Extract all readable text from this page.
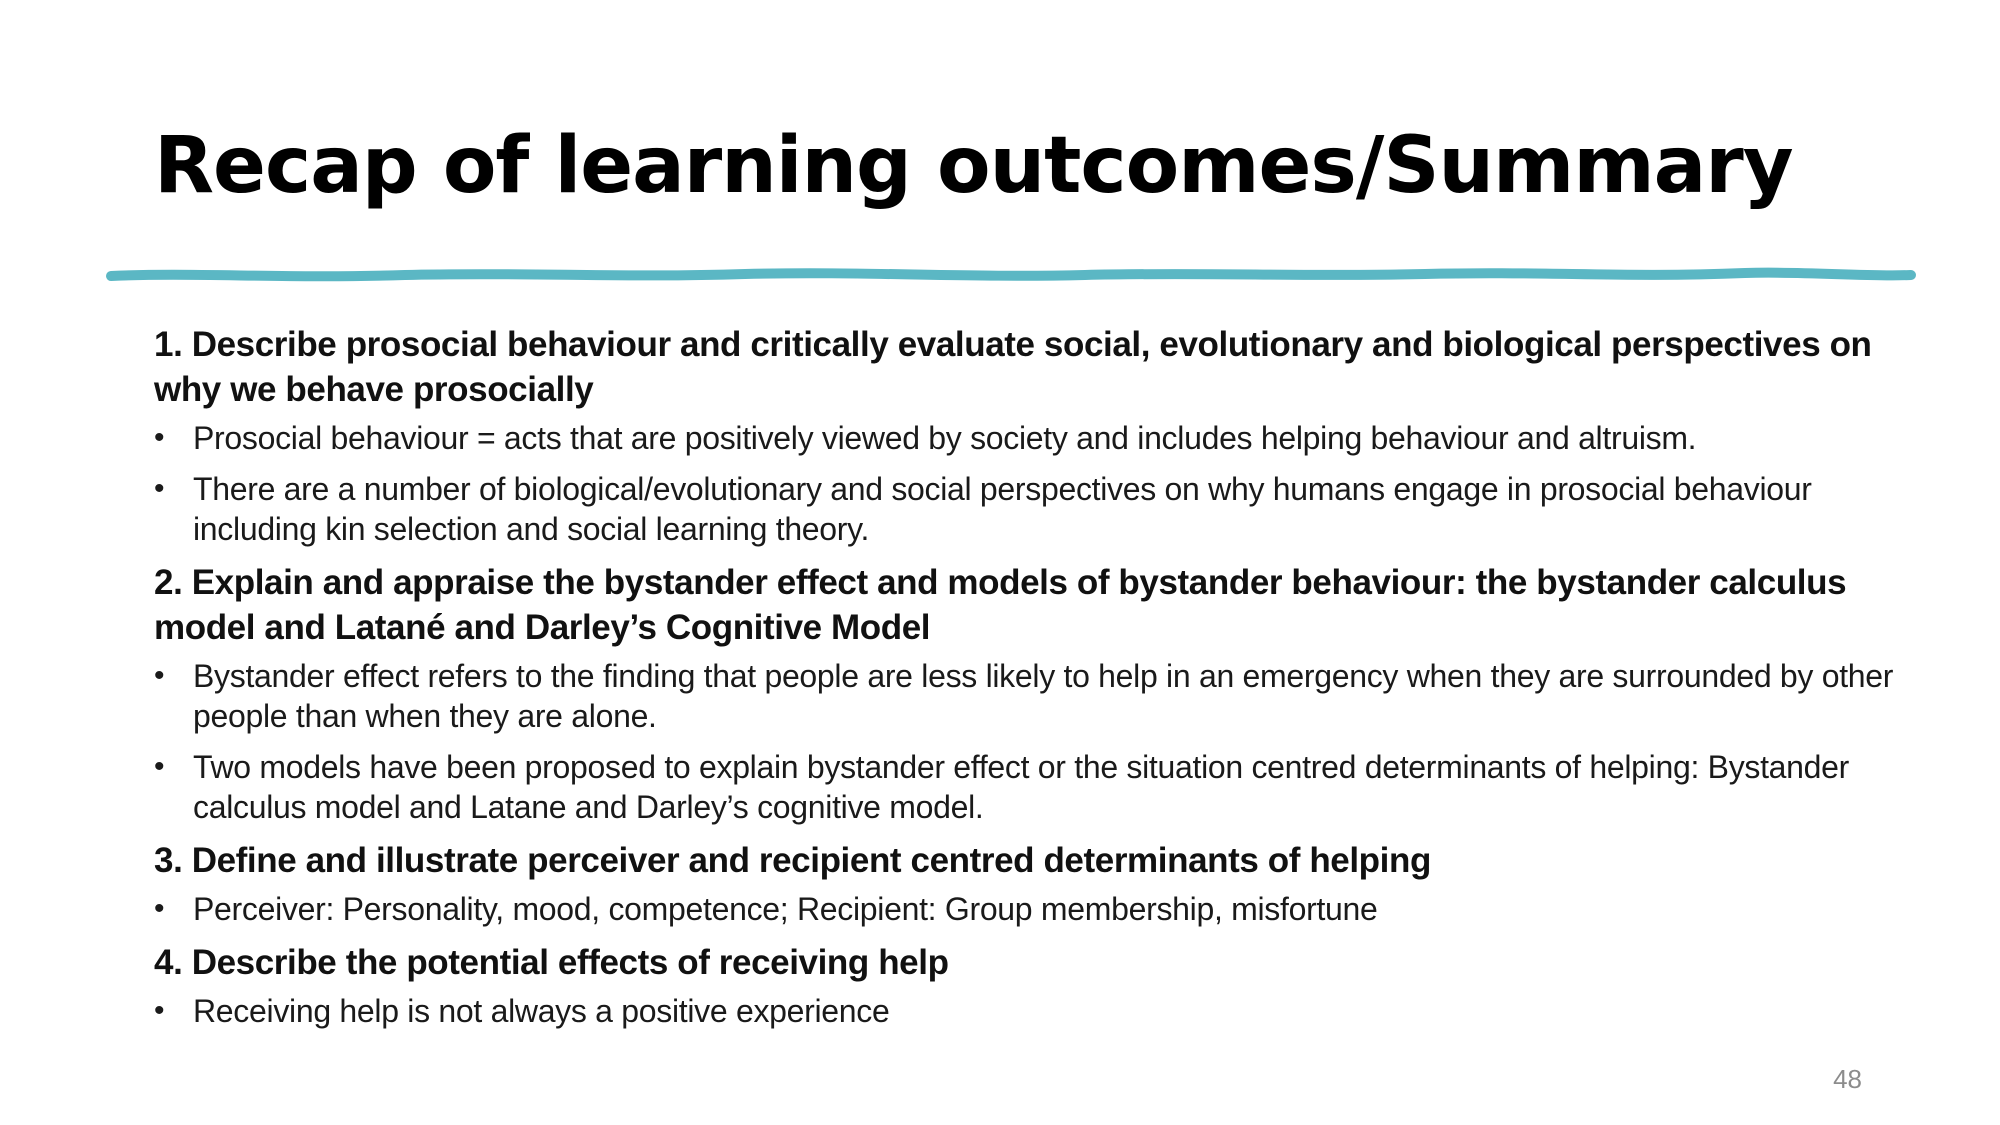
Recap of learning outcomes/Summary

1. Describe prosocial behaviour and critically evaluate social, evolutionary and biological perspectives on why we behave prosocially

• Prosocial behaviour = acts that are positively viewed by society and includes helping behaviour and altruism.
• There are a number of biological/evolutionary and social perspectives on why humans engage in prosocial behaviour including kin selection and social learning theory.

2. Explain and appraise the bystander effect and models of bystander behaviour: the bystander calculus model and Latané and Darley’s Cognitive Model

• Bystander effect refers to the finding that people are less likely to help in an emergency when they are surrounded by other people than when they are alone.
• Two models have been proposed to explain bystander effect or the situation centred determinants of helping: Bystander calculus model and Latane and Darley’s cognitive model.

3. Define and illustrate perceiver and recipient centred determinants of helping

• Perceiver: Personality, mood, competence; Recipient: Group membership, misfortune

4. Describe the potential effects of receiving help

• Receiving help is not always a positive experience
48
